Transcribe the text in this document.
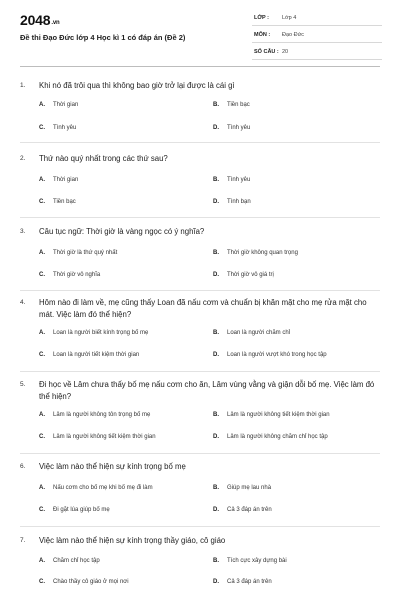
2048.vn
Đề thi Đạo Đức lớp 4 Học kì 1 có đáp án (Đề 2)
LỚP : Lớp 4
MÔN : Đạo Đức
SỐ CÂU : 20
1. Khi nó đã trôi qua thì không bao giờ trở lại được là cái gì
A. Thời gian	B. Tiền bạc
C. Tình yêu	D. Tình yêu
2. Thứ nào quý nhất trong các thứ sau?
A. Thời gian	B. Tình yêu
C. Tiền bạc	D. Tình bạn
3. Câu tục ngữ: Thời giờ là vàng ngọc có ý nghĩa?
A. Thời giờ là thứ quý nhất	B. Thời giờ không quan trọng
C. Thời giờ vô nghĩa	D. Thời giờ vô giá trị
4. Hôm nào đi làm về, mẹ cũng thấy Loan đã nấu cơm và chuẩn bị khăn mặt cho mẹ rửa mặt cho mát. Việc làm đó thể hiện?
A. Loan là người biết kính trọng bố mẹ	B. Loan là người chăm chỉ
C. Loan là người tiết kiệm thời gian	D. Loan là người vượt khó trong học tập
5. Đi học về Lâm chưa thấy bố mẹ nấu cơm cho ăn, Lâm vùng vằng và giận dỗi bố mẹ. Việc làm đó thể hiện?
A. Lâm là người không tôn trọng bố mẹ	B. Lâm là người không tiết kiệm thời gian
C. Lâm là người không tiết kiệm thời gian	D. Lâm là người không chăm chỉ học tập
6. Việc làm nào thể hiện sự kính trọng bố mẹ
A. Nấu cơm cho bố mẹ khi bố mẹ đi làm	B. Giúp mẹ lau nhà
C. Đi gặt lúa giúp bố mẹ	D. Cả 3 đáp án trên
7. Việc làm nào thể hiện sự kính trọng thầy giáo, cô giáo
A. Chăm chỉ học tập	B. Tích cực xây dựng bài
C. Chào thầy cô giáo ở mọi nơi	D. Cả 3 đáp án trên
